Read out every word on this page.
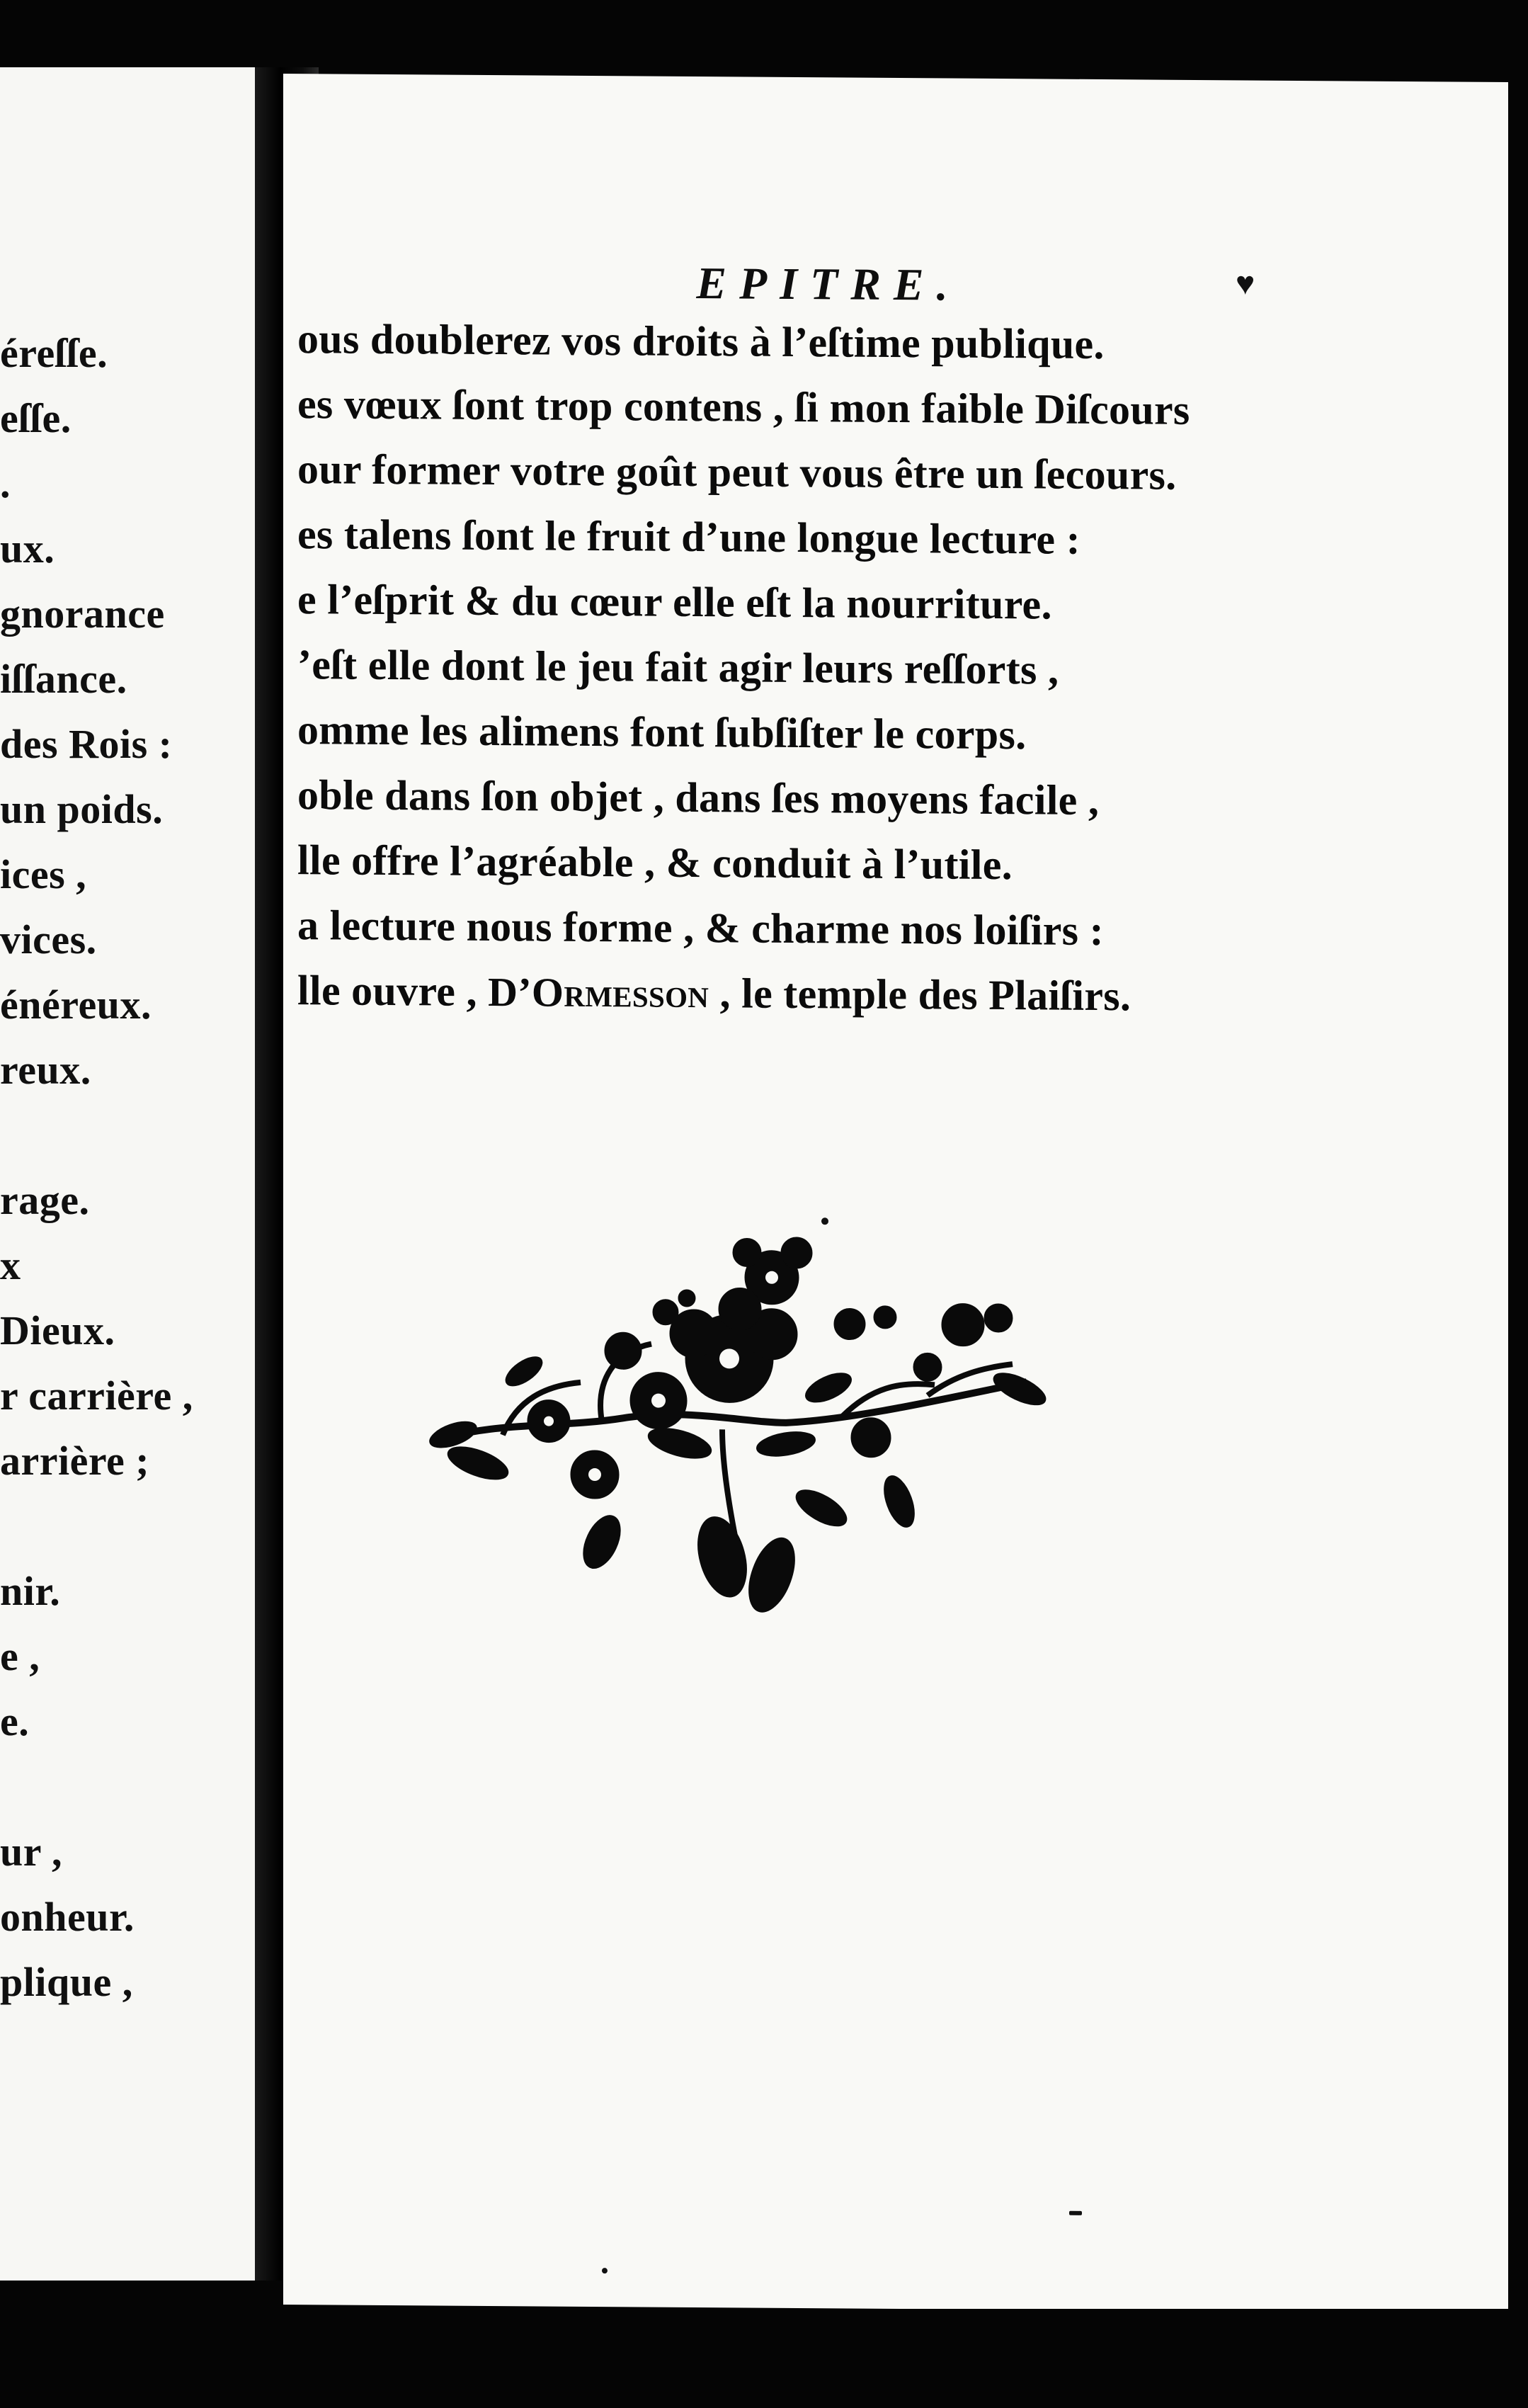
éreſſe.
eſſe.
.
ux.
gnorance
iſſance.
des Rois :
un poids.
ices ,
vices.
énéreux.
reux.
rage.
x
Dieux.
r carrière ,
arrière ;
nir.
e ,
e.
ur ,
onheur.
plique ,
EPITRE.	♥
ous doublerez vos droits à l’eſtime publique.
es vœux ſont trop contens , ſi mon faible Diſcours
our former votre goût peut vous être un ſecours.
es talens ſont le fruit d’une longue lecture :
e l’eſprit & du cœur elle eſt la nourriture.
’eſt elle dont le jeu fait agir leurs reſſorts ,
omme les alimens font ſubſiſter le corps.
oble dans ſon objet , dans ſes moyens facile ,
lle offre l’agréable , & conduit à l’utile.
a lecture nous forme , & charme nos loiſirs :
lle ouvre , D’Ormesson , le temple des Plaiſirs.
